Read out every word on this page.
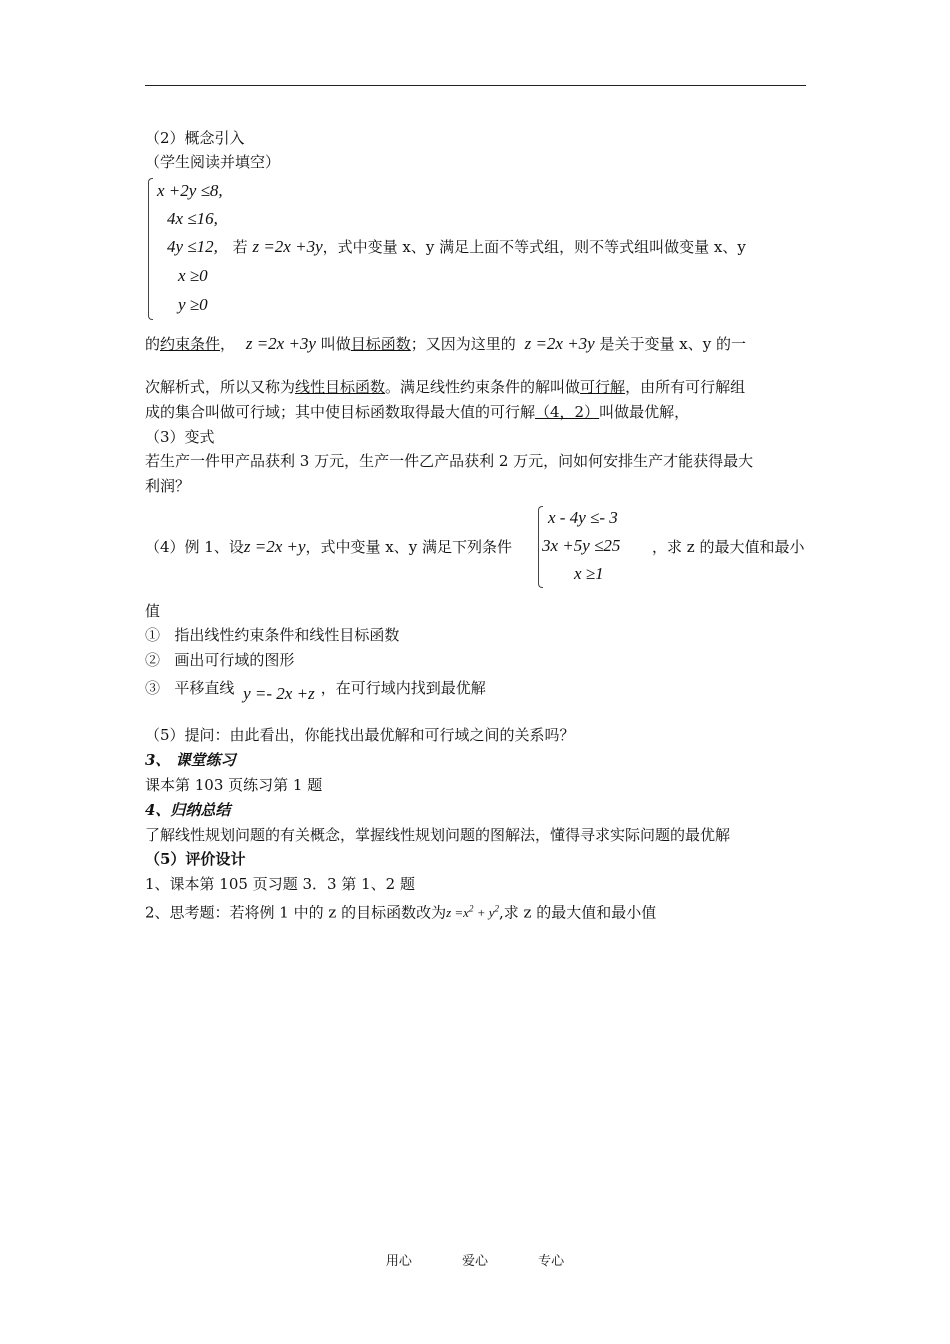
（2）概念引入
（学生阅读并填空）
x +2y ≤8,
4x ≤16,
4y ≤12, 若 z =2x +3y，式中变量 x、y 满足上面不等式组，则不等式组叫做变量 x、y
x ≥0
y ≥0
的约束条件， z =2x +3y 叫做目标函数；又因为这里的 z =2x +3y 是关于变量 x、y 的一
次解析式，所以又称为线性目标函数。满足线性约束条件的解叫做可行解，由所有可行解组
成的集合叫做可行域；其中使目标函数取得最大值的可行解（4，2）叫做最优解，
（3）变式
若生产一件甲产品获利 3 万元，生产一件乙产品获利 2 万元，问如何安排生产才能获得最大
利润？
（4）例 1、设z =2x +y，式中变量 x、y 满足下列条件
x - 4y ≤- 3
3x +5y ≤25
x ≥1
，求 z 的最大值和最小
值
① 指出线性约束条件和线性目标函数
② 画出可行域的图形
③ 平移直线 y =- 2x +z ，在可行域内找到最优解
（5）提问：由此看出，你能找出最优解和可行域之间的关系吗？
3、 课堂练习
课本第 103 页练习第 1 题
4、归纳总结
了解线性规划问题的有关概念，掌握线性规划问题的图解法，懂得寻求实际问题的最优解
（5）评价设计
1、课本第 105 页习题 3．3 第 1、2 题
2、思考题：若将例 1 中的 z 的目标函数改为$z =x^2 + y^2$,求 z 的最大值和最小值
用心	爱心	专心
